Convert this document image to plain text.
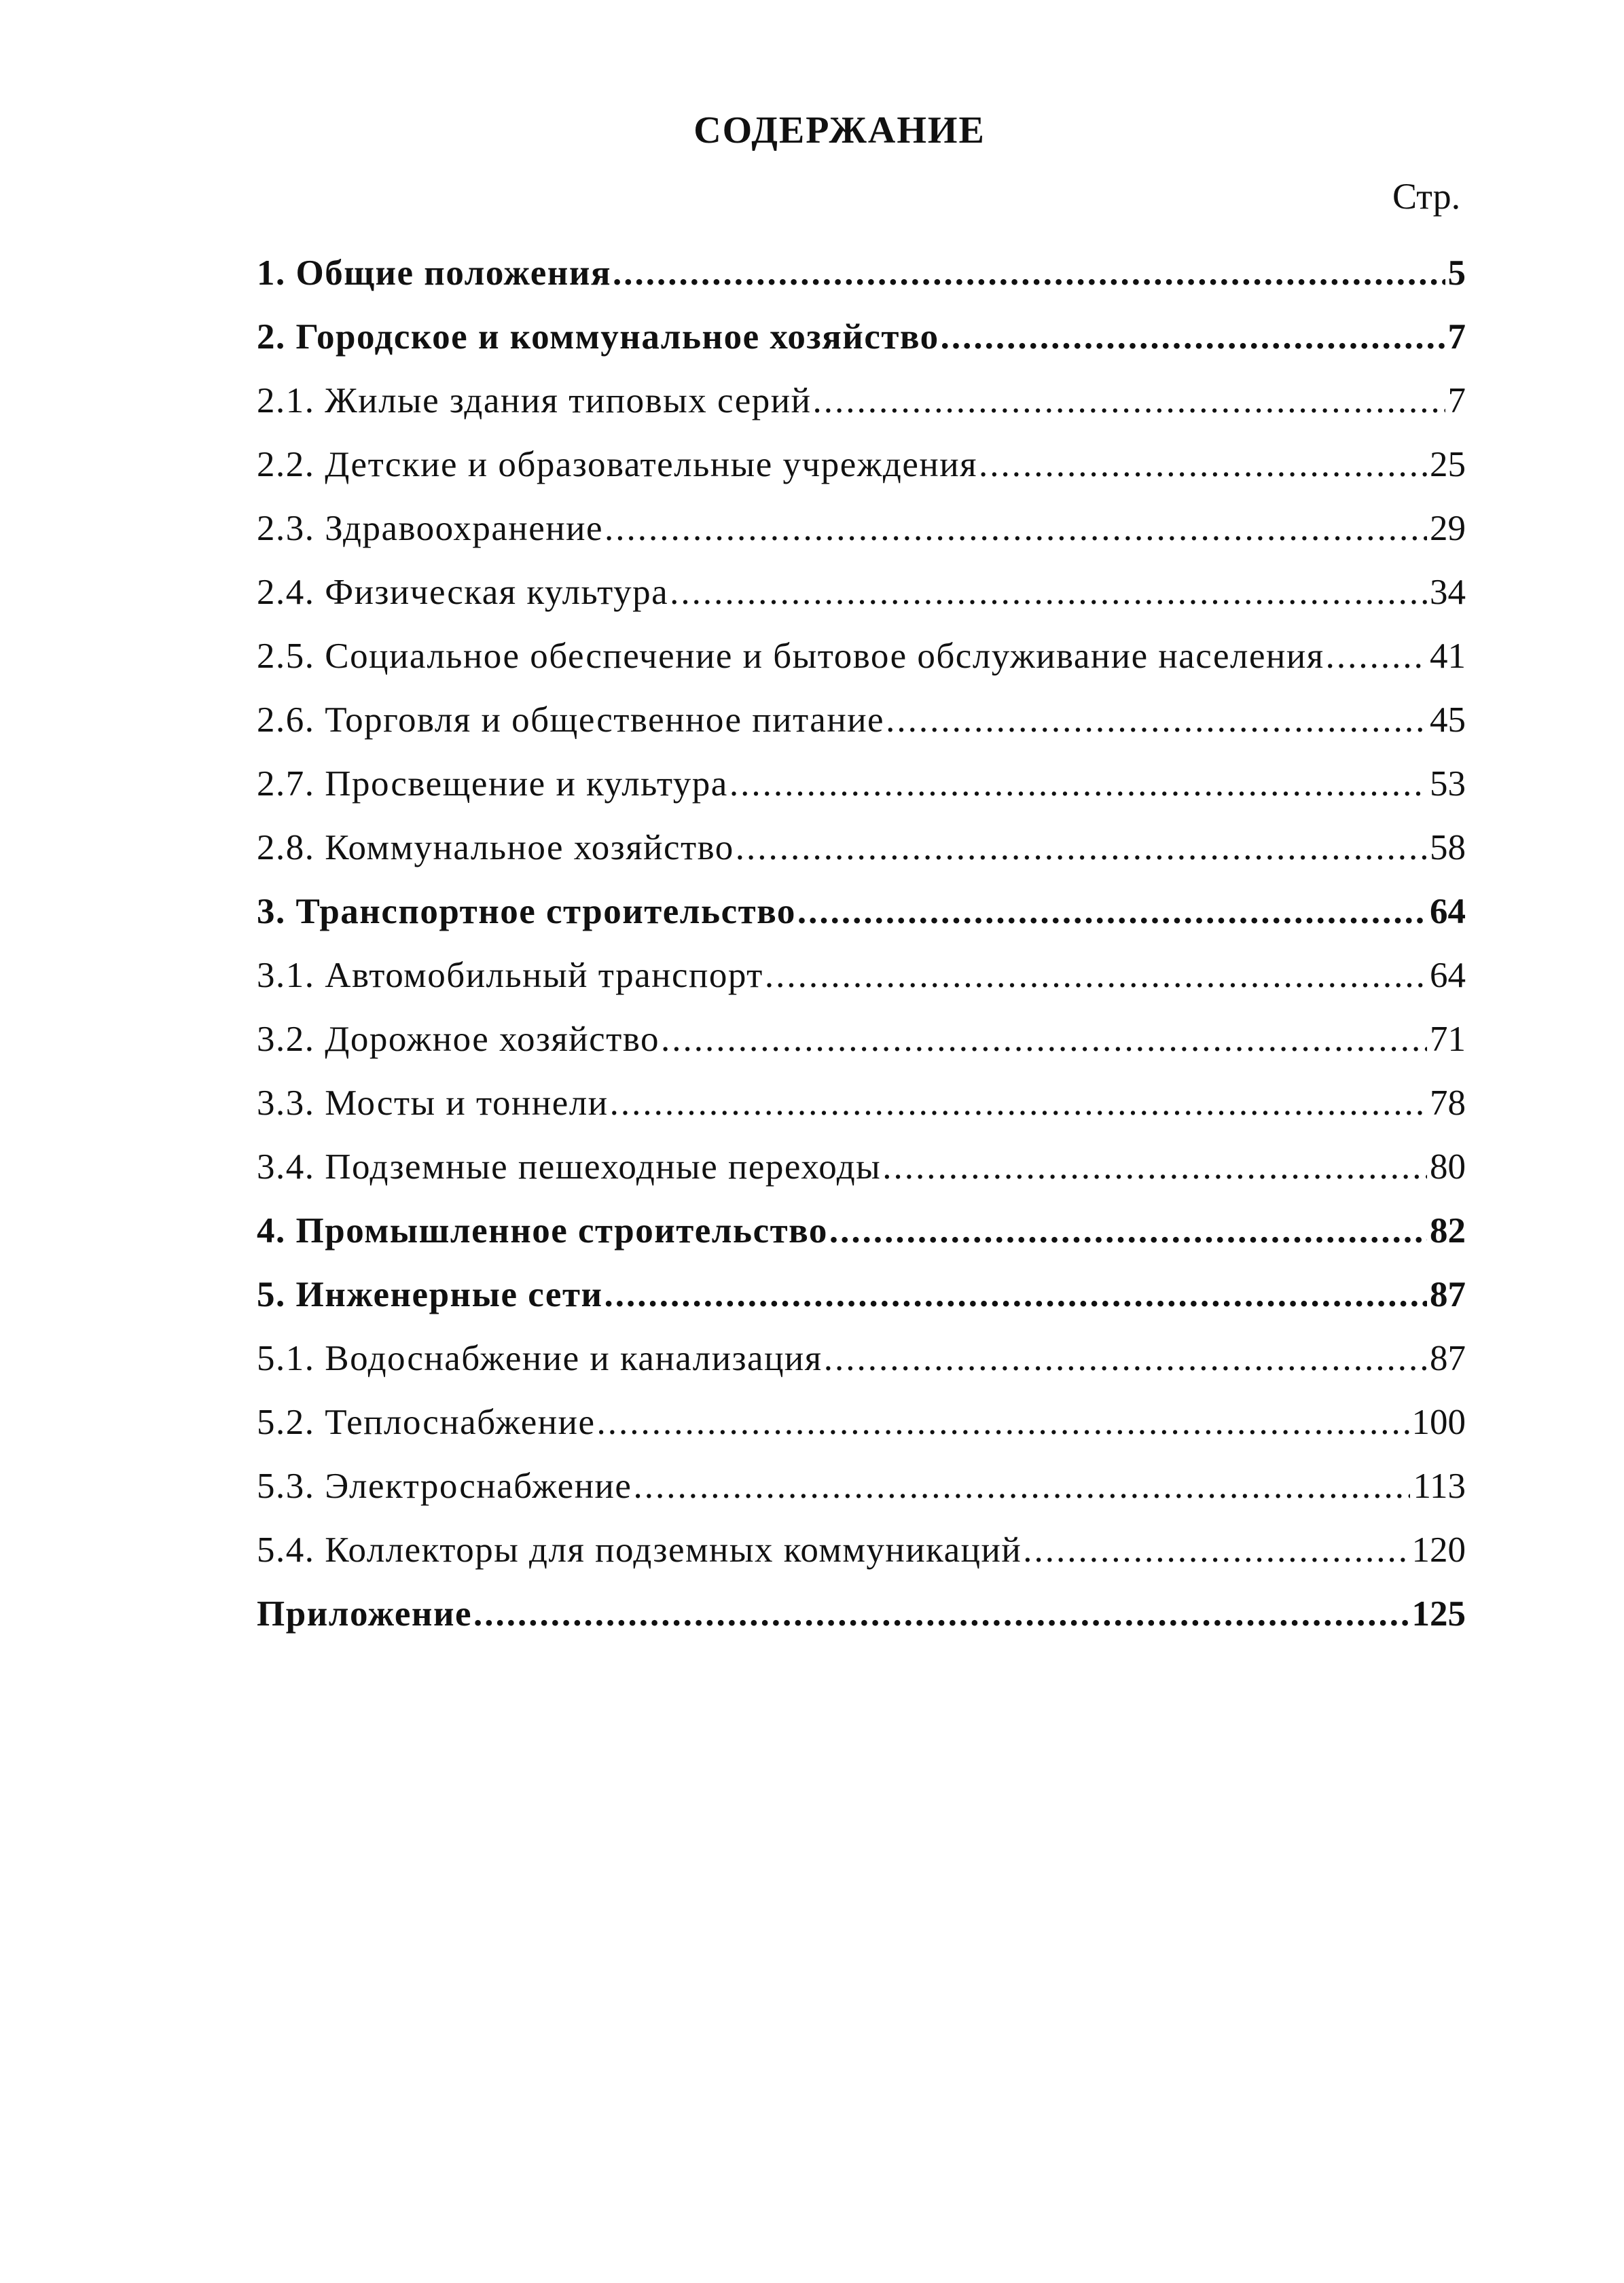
СОДЕРЖАНИЕ
Стр.
1. Общие положения .....	5
2. Городское и коммунальное хозяйство .....	7
2.1. Жилые здания типовых серий .....	7
2.2. Детские и образовательные учреждения .....	25
2.3. Здравоохранение .....	29
2.4. Физическая культура .....	34
2.5. Социальное обеспечение и бытовое обслуживание населения .....	41
2.6. Торговля и общественное питание .....	45
2.7. Просвещение и культура .....	53
2.8. Коммунальное хозяйство .....	58
3. Транспортное строительство .....	64
3.1. Автомобильный транспорт .....	64
3.2. Дорожное хозяйство .....	71
3.3. Мосты и тоннели .....	78
3.4. Подземные пешеходные переходы .....	80
4. Промышленное строительство .....	82
5. Инженерные сети .....	87
5.1. Водоснабжение и канализация .....	87
5.2. Теплоснабжение .....	100
5.3. Электроснабжение .....	113
5.4. Коллекторы для подземных коммуникаций .....	120
Приложение .....	125
